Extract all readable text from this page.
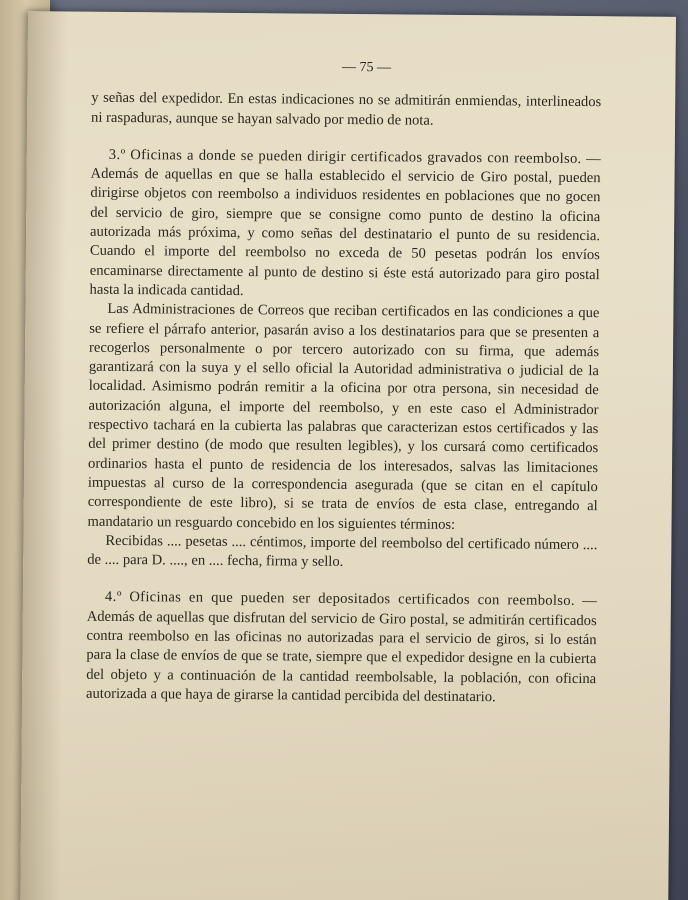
— 75 —

y señas del expedidor. En estas indicaciones no se admitirán enmiendas, interlineados ni raspaduras, aunque se hayan salvado por medio de nota.

3.º Oficinas a donde se pueden dirigir certificados gravados con reembolso. — Además de aquellas en que se halla establecido el servicio de Giro postal, pueden dirigirse objetos con reembolso a individuos residentes en poblaciones que no gocen del servicio de giro, siempre que se consigne como punto de destino la oficina autorizada más próxima, y como señas del destinatario el punto de su residencia. Cuando el importe del reembolso no exceda de 50 pesetas podrán los envíos encaminarse directamente al punto de destino si éste está autorizado para giro postal hasta la indicada cantidad.

Las Administraciones de Correos que reciban certificados en las condiciones a que se refiere el párrafo anterior, pasarán aviso a los destinatarios para que se presenten a recogerlos personalmente o por tercero autorizado con su firma, que además garantizará con la suya y el sello oficial la Autoridad administrativa o judicial de la localidad. Asimismo podrán remitir a la oficina por otra persona, sin necesidad de autorización alguna, el importe del reembolso, y en este caso el Administrador respectivo tachará en la cubierta las palabras que caracterizan estos certificados y las del primer destino (de modo que resulten legibles), y los cursará como certificados ordinarios hasta el punto de residencia de los interesados, salvas las limitaciones impuestas al curso de la correspondencia asegurada (que se citan en el capítulo correspondiente de este libro), si se trata de envíos de esta clase, entregando al mandatario un resguardo concebido en los siguientes términos:

Recibidas .... pesetas .... céntimos, importe del reembolso del certificado número .... de .... para D. ...., en .... fecha, firma y sello.

4.º Oficinas en que pueden ser depositados certificados con reembolso. — Además de aquellas que disfrutan del servicio de Giro postal, se admitirán certificados contra reembolso en las oficinas no autorizadas para el servicio de giros, si lo están para la clase de envíos de que se trate, siempre que el expedidor designe en la cubierta del objeto y a continuación de la cantidad reembolsable, la población, con oficina autorizada a que haya de girarse la cantidad percibida del destinatario.
